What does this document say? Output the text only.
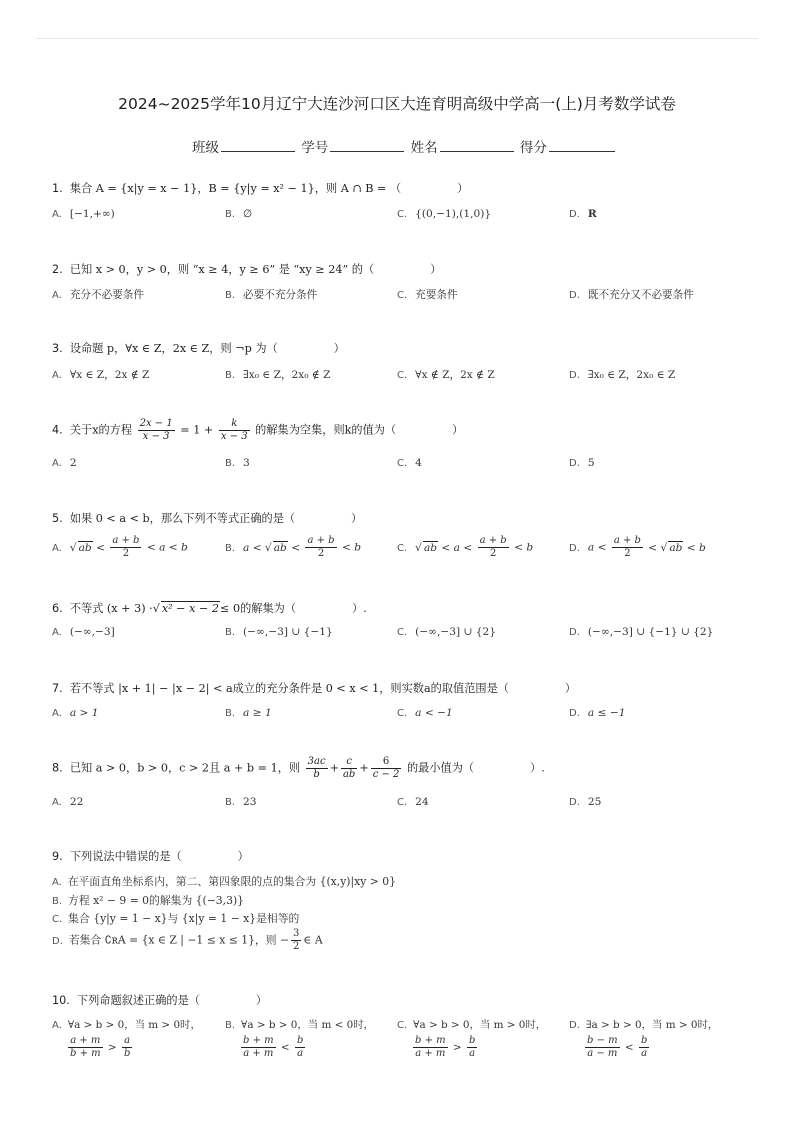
2024~2025学年10月辽宁大连沙河口区大连育明高级中学高一(上)月考数学试卷
班级	学号	姓名	得分
1. 集合 A = {x|y = x − 1}，B = {y|y = x² − 1}，则 A ∩ B = （　　　　　）
A. [−1,+∞)	B. ∅	C. {(0,−1),(1,0)}	D. R
2. 已知 x > 0，y > 0，则 “x ≥ 4，y ≥ 6” 是 “xy ≥ 24” 的（　　　　　）
A. 充分不必要条件	B. 必要不充分条件	C. 充要条件	D. 既不充分又不必要条件
3. 设命题 p，∀x ∈ Z，2x ∈ Z，则 ¬p 为（　　　　　）
A. ∀x ∈ Z，2x ∉ Z	B. ∃x₀ ∈ Z，2x₀ ∉ Z	C. ∀x ∉ Z，2x ∉ Z	D. ∃x₀ ∈ Z，2x₀ ∈ Z
4. 关于x的方程 $\frac{2x - 1}{x - 3} = 1 + \frac{k}{x - 3}$ 的解集为空集，则k的值为（　　　　　）
A. 2	B. 3	C. 4	D. 5
5. 如果 0 < a < b，那么下列不等式正确的是（　　　　　）
A. √ ab < $\frac{a + b}{2} < a < b$	B. a < √ ab < $\frac{a + b}{2} < b$	C. √ ab < $a < \frac{a + b}{2} < b$	D. $a < \frac{a + b}{2}$ < √ ab < b
6. 不等式 (x + 3) ·√ x² − x − 2≤ 0的解集为（　　　　　）.
A. (−∞,−3]	B. (−∞,−3] ∪ {−1}	C. (−∞,−3] ∪ {2}	D. (−∞,−3] ∪ {−1} ∪ {2}
7. 若不等式 |x + 1| − |x − 2| < a成立的充分条件是 0 < x < 1，则实数a的取值范围是（　　　　　）
A. a > 1	B. a ≥ 1	C. a < −1	D. a ≤ −1
8. 已知 a > 0，b > 0，c > 2且 a + b = 1，则 $\frac{3ac}{b} + \frac{c}{ab} + \frac{6}{c - 2}$ 的最小值为（　　　　　）.
A. 22	B. 23	C. 24	D. 25
9. 下列说法中错误的是（　　　　　）
A. 在平面直角坐标系内，第二、第四象限的点的集合为 {(x,y)|xy > 0}
B. 方程 x² − 9 = 0的解集为 {(−3,3)}
C. 集合 {y|y = 1 − x}与 {x|y = 1 − x}是相等的
D. 若集合 ∁ʀA = {x ∈ Z | −1 ≤ x ≤ 1}，则 − $\frac{3}{2}$ ∈ A
10. 下列命题叙述正确的是（　　　　　）
A. ∀a > b > 0，当 m > 0时，
$\frac{a + m}{b + m} > \frac{a}{b}$
B. ∀a > b > 0，当 m < 0时，
$\frac{b + m}{a + m} < \frac{b}{a}$
C. ∀a > b > 0，当 m > 0时，
$\frac{b + m}{a + m} > \frac{b}{a}$
D. ∃a > b > 0，当 m > 0时，
$\frac{b - m}{a - m} < \frac{b}{a}$
